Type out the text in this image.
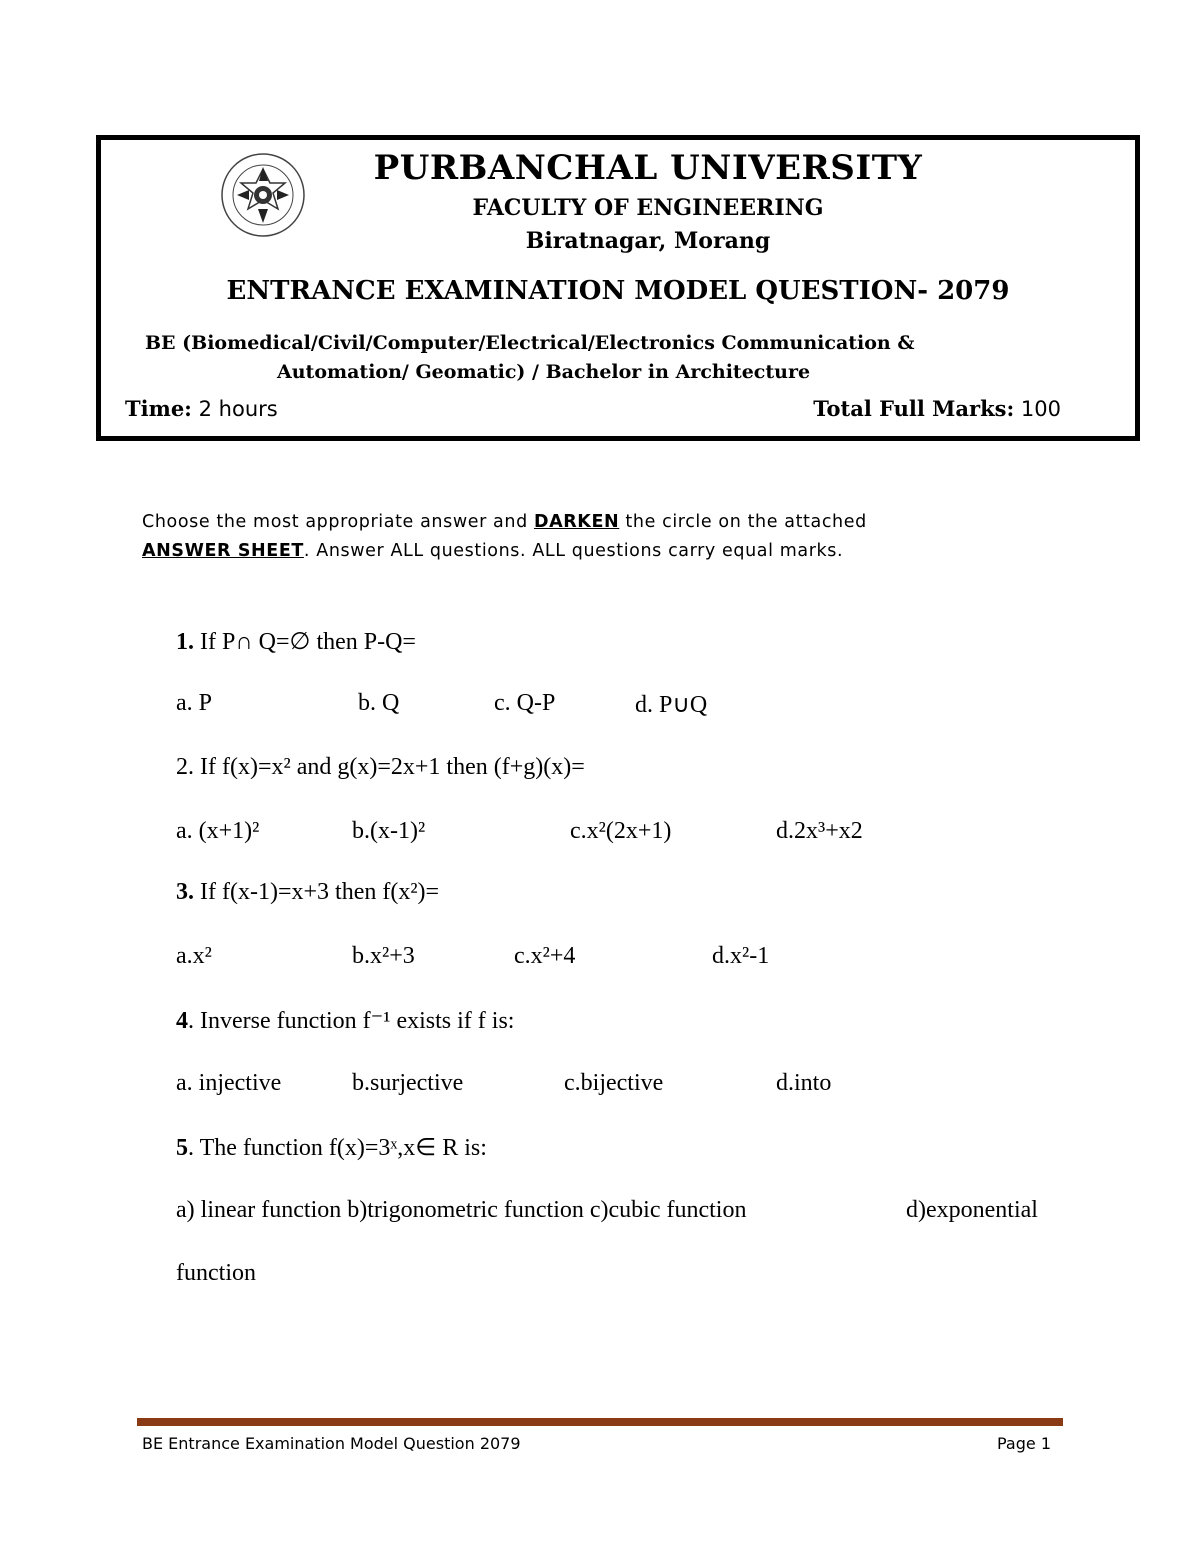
PURBANCHAL UNIVERSITY
FACULTY OF ENGINEERING
Biratnagar, Morang
ENTRANCE EXAMINATION MODEL QUESTION- 2079
BE (Biomedical/Civil/Computer/Electrical/Electronics Communication &
Automation/ Geomatic) / Bachelor in Architecture
Time: 2 hours	Total Full Marks: 100
Choose the most appropriate answer and DARKEN the circle on the attached
ANSWER SHEET. Answer ALL questions. ALL questions carry equal marks.
1. If P∩ Q=∅ then P-Q=
a. P	b. Q	c. Q-P	d. P∪Q
2. If f(x)=x² and g(x)=2x+1 then (f+g)(x)=
a. (x+1)²	b.(x-1)²	c.x²(2x+1)	d.2x³+x2
3. If f(x-1)=x+3 then f(x²)=
a.x²	b.x²+3	c.x²+4	d.x²-1
4. Inverse function f⁻¹ exists if f is:
a. injective	b.surjective	c.bijective	d.into
5. The function f(x)=3ˣ,x∈ R is:
a) linear function b)trigonometric function c)cubic function	d)exponential
function
BE Entrance Examination Model Question 2079	Page 1
